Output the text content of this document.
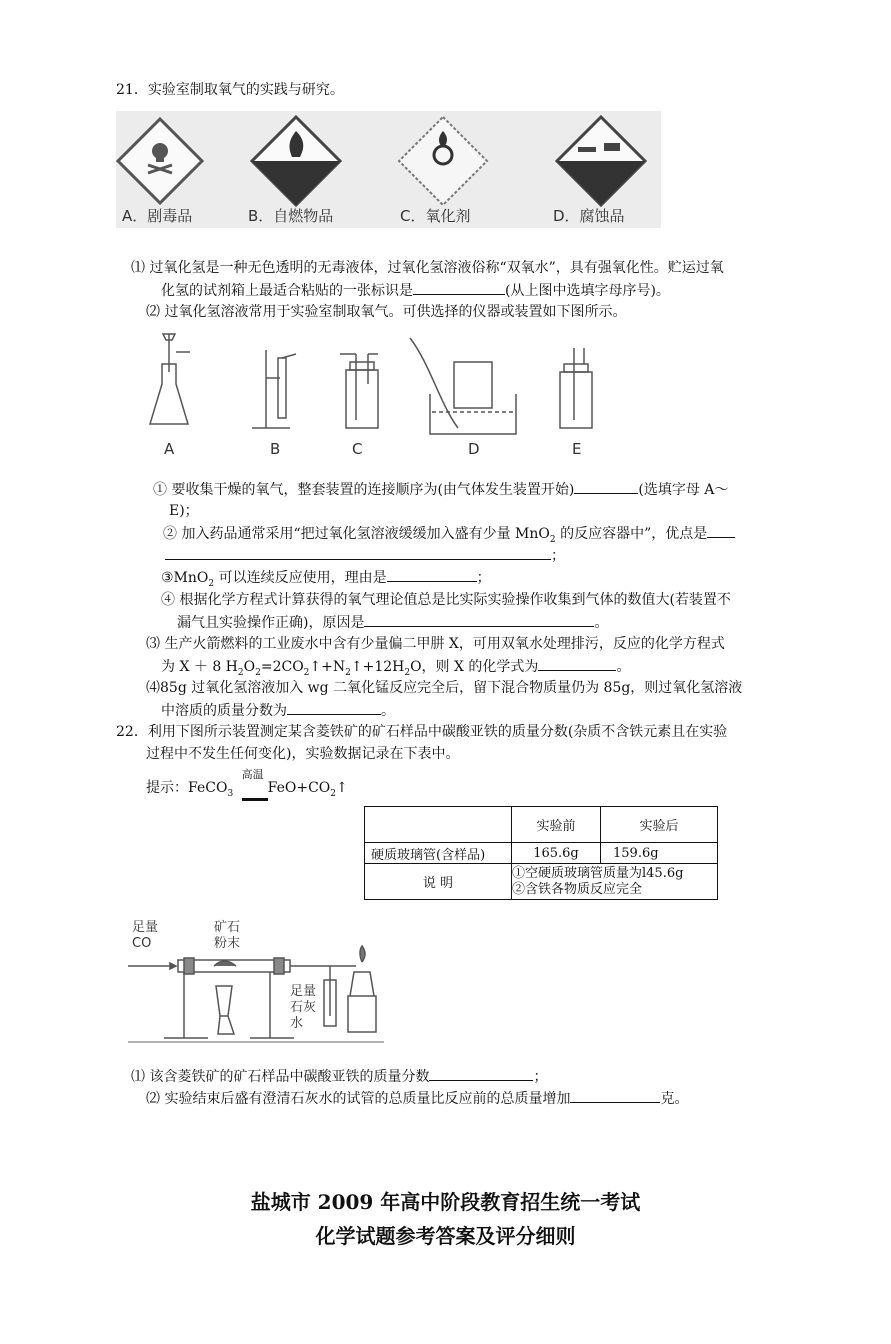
21．实验室制取氧气的实践与研究。
A．剧毒品	B．自燃物品	C．氧化剂	D．腐蚀品
⑴ 过氧化氢是一种无色透明的无毒液体，过氧化氢溶液俗称“双氧水”，具有强氧化性。贮运过氧
化氢的试剂箱上最适合粘贴的一张标识是	(从上图中选填字母序号)。
⑵ 过氧化氢溶液常用于实验室制取氧气。可供选择的仪器或装置如下图所示。
A	B	C	D	E
① 要收集干燥的氧气，整套装置的连接顺序为(由气体发生装置开始)	(选填字母 A～
E)；
② 加入药品通常采用“把过氧化氢溶液缓缓加入盛有少量 MnO$_2$ 的反应容器中”，优点是
；
③MnO$_2$ 可以连续反应使用，理由是	；
④ 根据化学方程式计算获得的氧气理论值总是比实际实验操作收集到气体的数值大(若装置不
漏气且实验操作正确)，原因是	。
⑶ 生产火箭燃料的工业废水中含有少量偏二甲肼 X，可用双氧水处理排污，反应的化学方程式
为 X ＋ 8 $H_2O_2=2CO_2↑+N_2↑+12H_2O$，则 X 的化学式为	。
⑷85g 过氧化氢溶液加入 wg 二氧化锰反应完全后，留下混合物质量仍为 85g，则过氧化氢溶液
中溶质的质量分数为	。
22．利用下图所示装置测定某含菱铁矿的矿石样品中碳酸亚铁的质量分数(杂质不含铁元素且在实验
过程中不发生任何变化)，实验数据记录在下表中。
提示：FeCO$_3$
高温
$FeO+CO_2↑$
	实验前	实验后
硬质玻璃管(含样品)	165.6g	159.6g
说 明	①空硬质玻璃管质量为l45.6g
②含铁各物质反应完全	
足量
CO
矿石
粉末
足量
石灰
水
⑴ 该含菱铁矿的矿石样品中碳酸亚铁的质量分数	；
⑵ 实验结束后盛有澄清石灰水的试管的总质量比反应前的总质量增加	克。
盐城市 2009 年高中阶段教育招生统一考试
化学试题参考答案及评分细则
